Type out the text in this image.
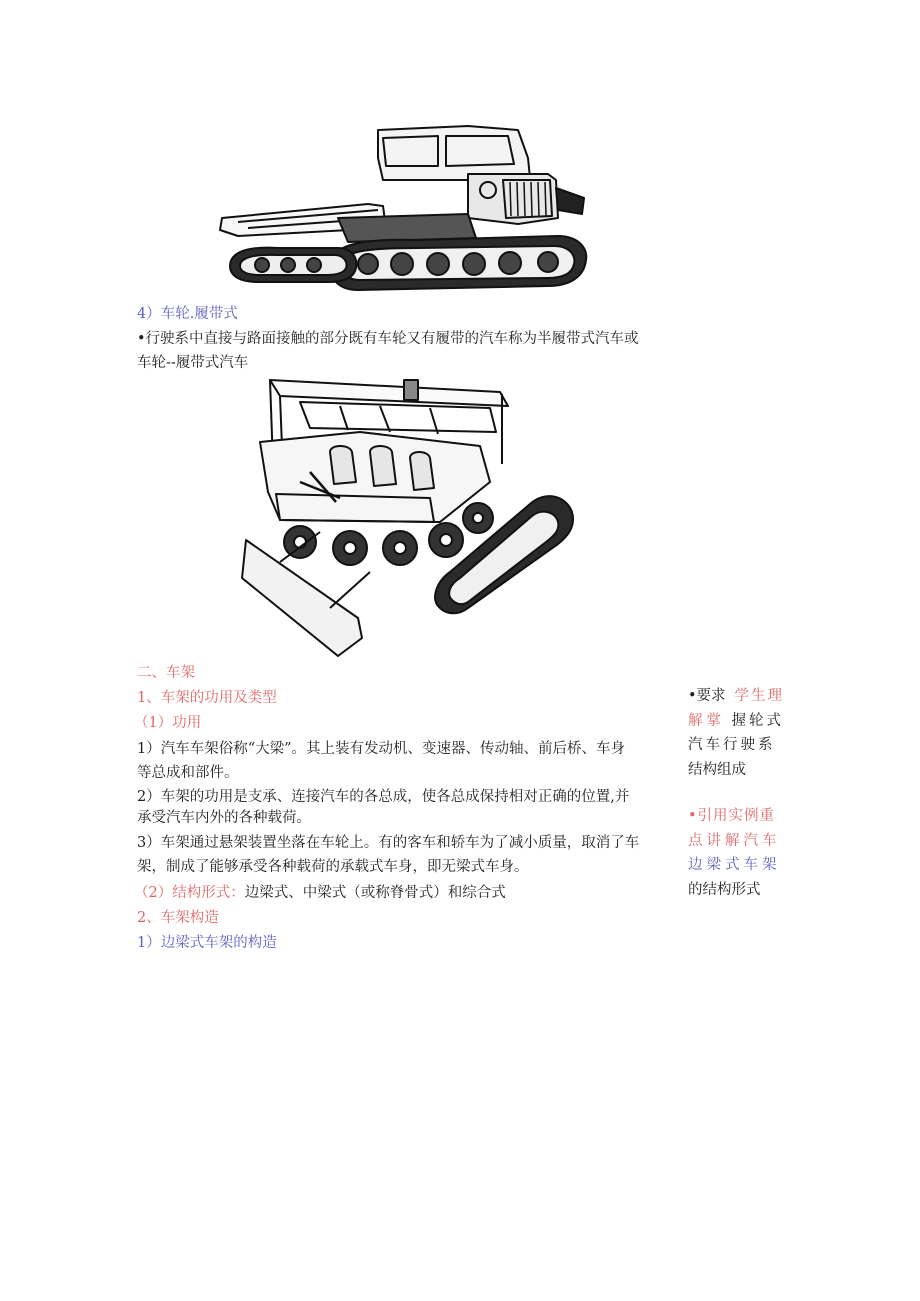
4）车轮.履带式
•行驶系中直接与路面接触的部分既有车轮又有履带的汽车称为半履带式汽车或
车轮--履带式汽车
二、车架
1、车架的功用及类型
（1）功用
1）汽车车架俗称“大梁”。其上装有发动机、变速器、传动轴、前后桥、车身
等总成和部件。
2）车架的功用是支承、连接汽车的各总成，使各总成保持相对正确的位置,并
承受汽车内外的各种载荷。
3）车架通过悬架装置坐落在车轮上。有的客车和轿车为了减小质量，取消了车
架，制成了能够承受各种载荷的承载式车身，即无梁式车身。
（2）结构形式：边梁式、中梁式（或称脊骨式）和综合式
2、车架构造
1）边梁式车架的构造
•要求 学生理
解掌 握轮式
汽车行驶系
结构组成
•引用实例重
点讲解汽车
边梁式车架
的结构形式
